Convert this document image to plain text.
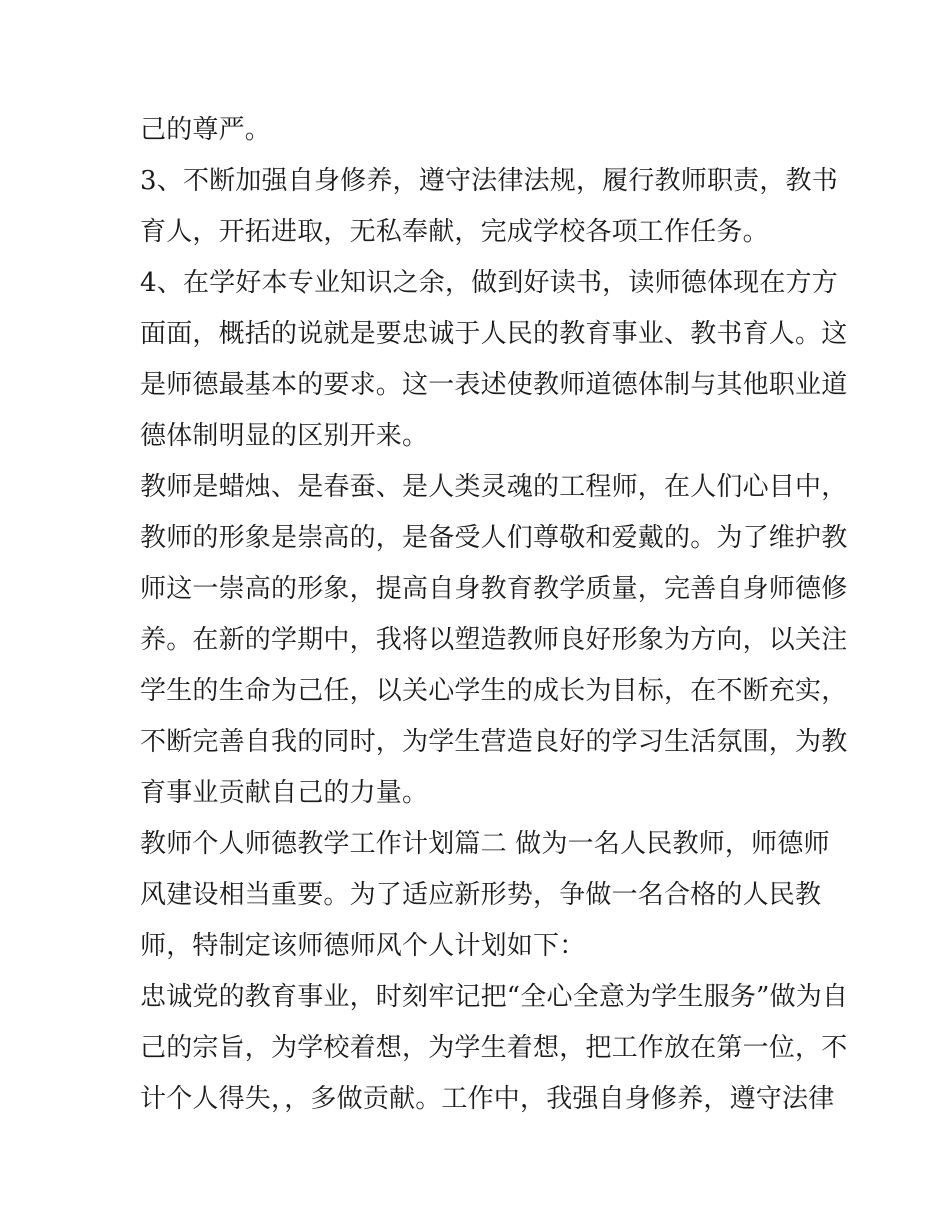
己的尊严。
3、不断加强自身修养，遵守法律法规，履行教师职责，教书
育人，开拓进取，无私奉献，完成学校各项工作任务。
4、在学好本专业知识之余，做到好读书，读师德体现在方方
面面，概括的说就是要忠诚于人民的教育事业、教书育人。这
是师德最基本的要求。这一表述使教师道德体制与其他职业道
德体制明显的区别开来。
教师是蜡烛、是春蚕、是人类灵魂的工程师，在人们心目中，
教师的形象是崇高的，是备受人们尊敬和爱戴的。为了维护教
师这一崇高的形象，提高自身教育教学质量，完善自身师德修
养。在新的学期中，我将以塑造教师良好形象为方向，以关注
学生的生命为己任，以关心学生的成长为目标，在不断充实，
不断完善自我的同时，为学生营造良好的学习生活氛围，为教
育事业贡献自己的力量。
教师个人师德教学工作计划篇二 做为一名人民教师，师德师
风建设相当重要。为了适应新形势，争做一名合格的人民教
师，特制定该师德师风个人计划如下：
忠诚党的教育事业，时刻牢记把“全心全意为学生服务”做为自
己的宗旨，为学校着想，为学生着想，把工作放在第一位，不
计个人得失，，多做贡献。工作中，我强自身修养，遵守法律
